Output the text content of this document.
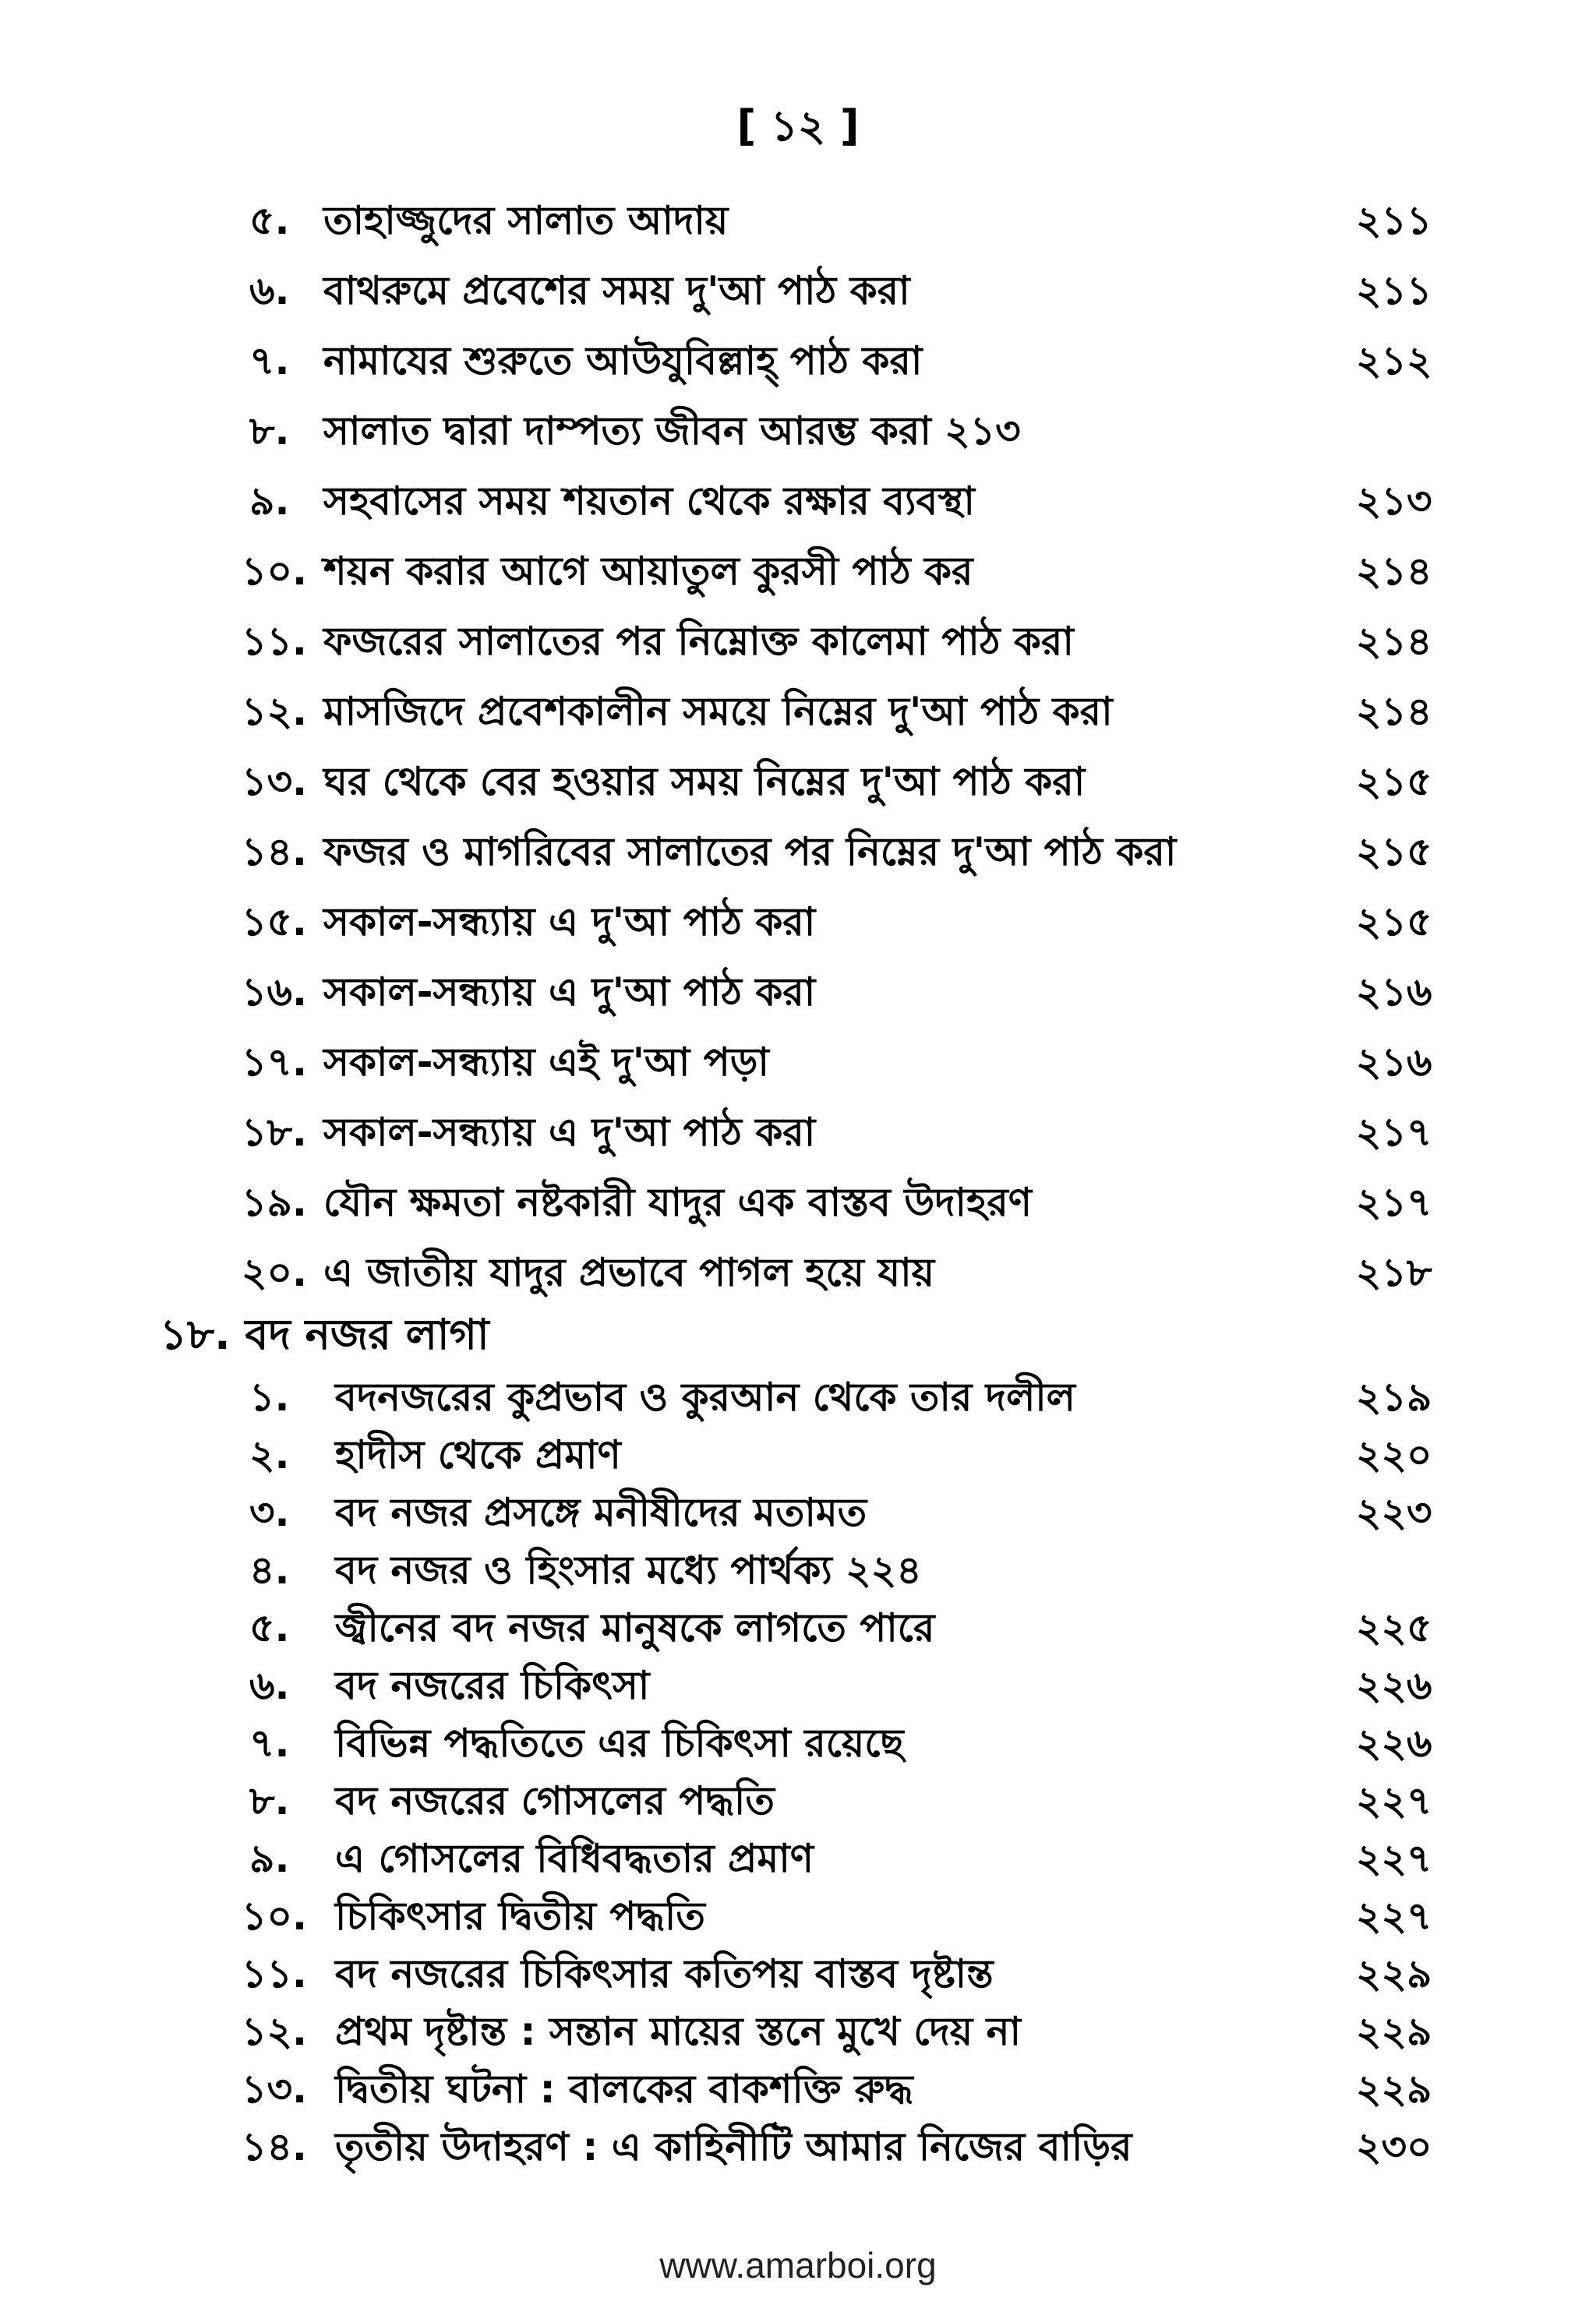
[ ১২ ]
৫. তাহাজ্জুদের সালাত আদায়	২১১
৬. বাথরুমে প্রবেশের সময় দু'আ পাঠ করা	২১১
৭. নামাযের শুরুতে আউযুবিল্লাহ্ পাঠ করা	২১২
৮. সালাত দ্বারা দাম্পত্য জীবন আরম্ভ করা ২১৩
৯. সহবাসের সময় শয়তান থেকে রক্ষার ব্যবস্থা	২১৩
১০. শয়ন করার আগে আয়াতুল কুরসী পাঠ কর	২১৪
১১. ফজরের সালাতের পর নিম্নোক্ত কালেমা পাঠ করা	২১৪
১২. মাসজিদে প্রবেশকালীন সময়ে নিম্নের দু'আ পাঠ করা	২১৪
১৩. ঘর থেকে বের হওয়ার সময় নিম্নের দু'আ পাঠ করা	২১৫
১৪. ফজর ও মাগরিবের সালাতের পর নিম্নের দু'আ পাঠ করা	২১৫
১৫. সকাল-সন্ধ্যায় এ দু'আ পাঠ করা	২১৫
১৬. সকাল-সন্ধ্যায় এ দু'আ পাঠ করা	২১৬
১৭. সকাল-সন্ধ্যায় এই দু'আ পড়া	২১৬
১৮. সকাল-সন্ধ্যায় এ দু'আ পাঠ করা	২১৭
১৯. যৌন ক্ষমতা নষ্টকারী যাদুর এক বাস্তব উদাহরণ	২১৭
২০. এ জাতীয় যাদুর প্রভাবে পাগল হয়ে যায়	২১৮
১৮. বদ নজর লাগা
১. বদনজরের কুপ্রভাব ও কুরআন থেকে তার দলীল	২১৯
২. হাদীস থেকে প্রমাণ	২২০
৩. বদ নজর প্রসঙ্গে মনীষীদের মতামত	২২৩
৪. বদ নজর ও হিংসার মধ্যে পার্থক্য ২২৪
৫. জ্বীনের বদ নজর মানুষকে লাগতে পারে	২২৫
৬. বদ নজরের চিকিৎসা	২২৬
৭. বিভিন্ন পদ্ধতিতে এর চিকিৎসা রয়েছে	২২৬
৮. বদ নজরের গোসলের পদ্ধতি	২২৭
৯. এ গোসলের বিধিবদ্ধতার প্রমাণ	২২৭
১০. চিকিৎসার দ্বিতীয় পদ্ধতি	২২৭
১১. বদ নজরের চিকিৎসার কতিপয় বাস্তব দৃষ্টান্ত	২২৯
১২. প্রথম দৃষ্টান্ত : সন্তান মায়ের স্তনে মুখে দেয় না	২২৯
১৩. দ্বিতীয় ঘটনা : বালকের বাকশক্তি রুদ্ধ	২২৯
১৪. তৃতীয় উদাহরণ : এ কাহিনীটি আমার নিজের বাড়ির	২৩০
www.amarboi.org
